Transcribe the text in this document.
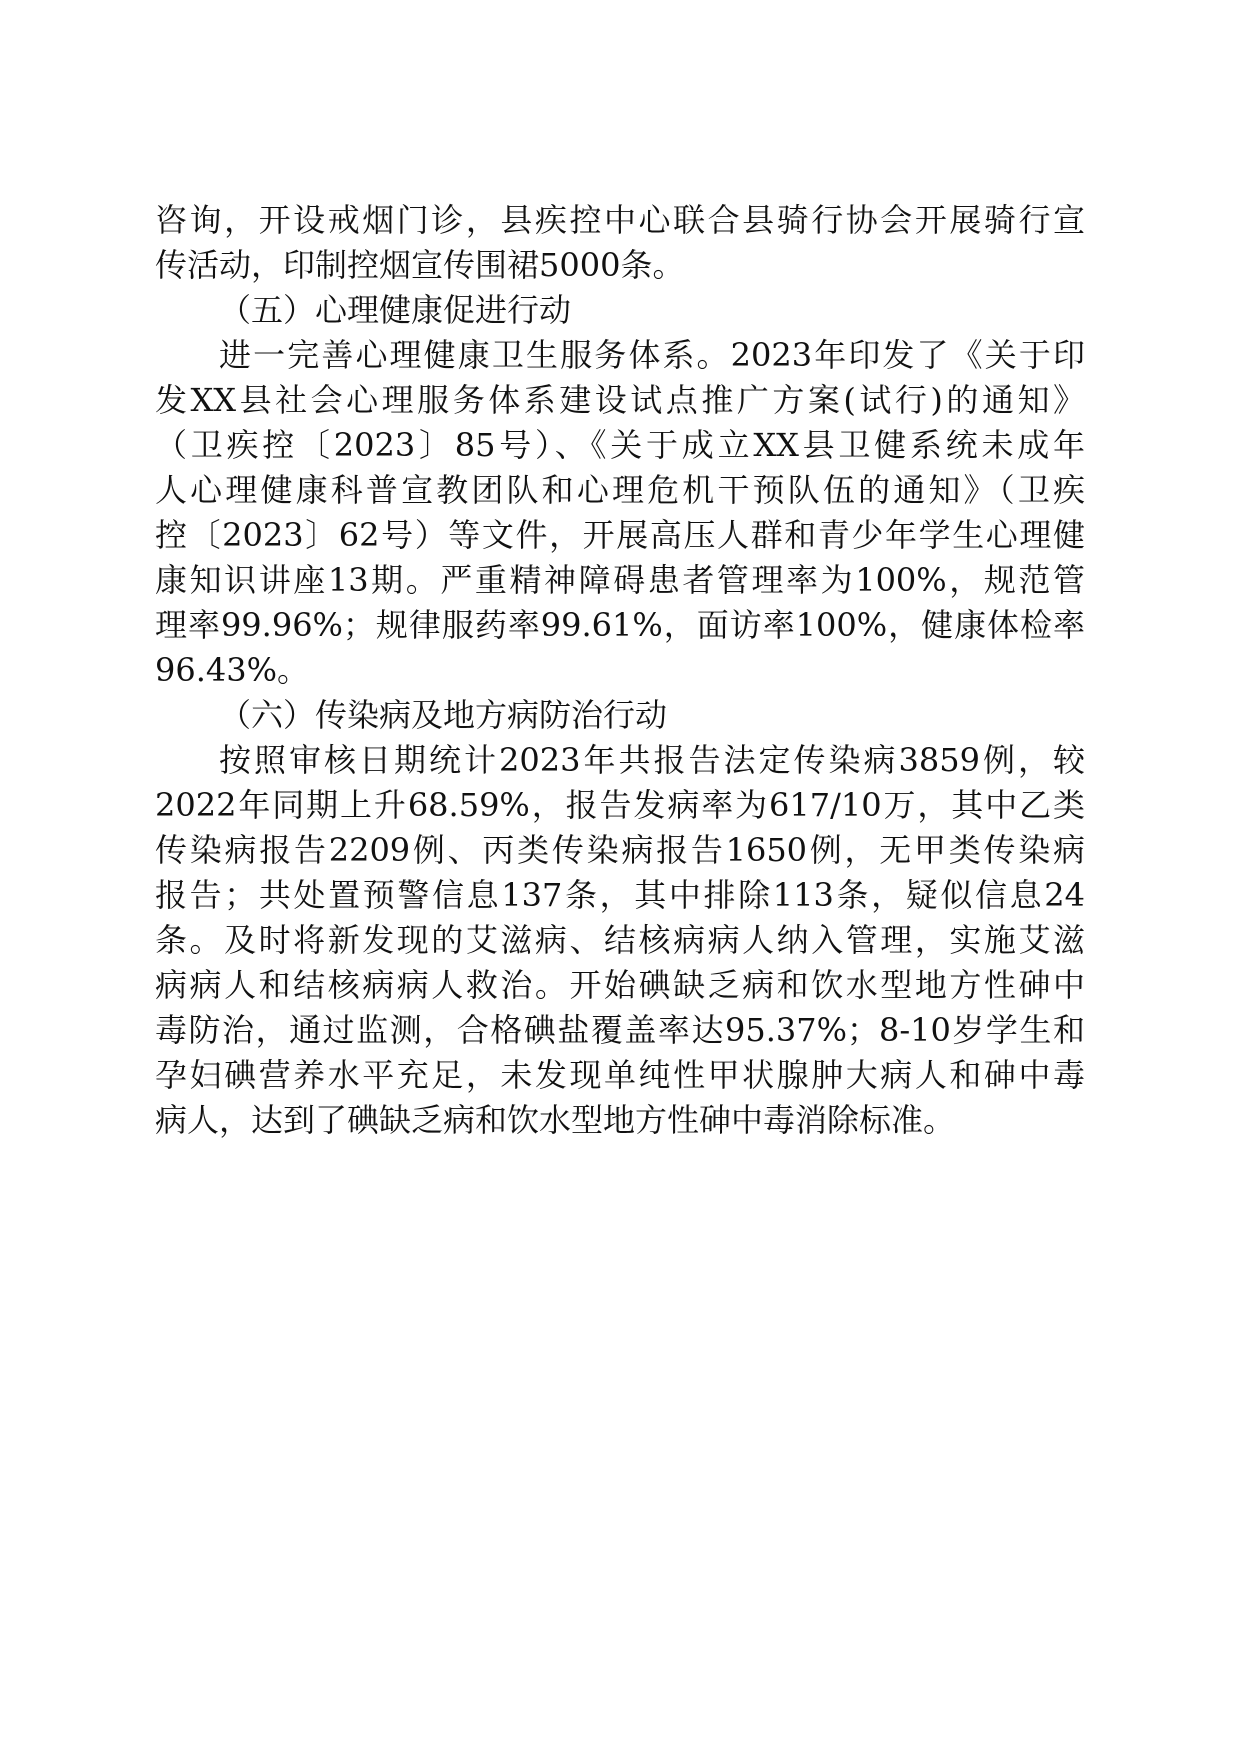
咨询，开设戒烟门诊，县疾控中心联合县骑行协会开展骑行宣
传活动，印制控烟宣传围裙5000条。
（五）心理健康促进行动
进一完善心理健康卫生服务体系。2023年印发了《关于印
发XX县社会心理服务体系建设试点推广方案(试行)的通知》
（卫疾控〔2023〕85号）、《关于成立XX县卫健系统未成年
人心理健康科普宣教团队和心理危机干预队伍的通知》（卫疾
控〔2023〕62号）等文件，开展高压人群和青少年学生心理健
康知识讲座13期。严重精神障碍患者管理率为100%，规范管
理率99.96%；规律服药率99.61%，面访率100%，健康体检率
96.43%。
（六）传染病及地方病防治行动
按照审核日期统计2023年共报告法定传染病3859例，较
2022年同期上升68.59%，报告发病率为617/10万，其中乙类
传染病报告2209例、丙类传染病报告1650例，无甲类传染病
报告；共处置预警信息137条，其中排除113条，疑似信息24
条。及时将新发现的艾滋病、结核病病人纳入管理，实施艾滋
病病人和结核病病人救治。开始碘缺乏病和饮水型地方性砷中
毒防治，通过监测，合格碘盐覆盖率达95.37%；8-10岁学生和
孕妇碘营养水平充足，未发现单纯性甲状腺肿大病人和砷中毒
病人，达到了碘缺乏病和饮水型地方性砷中毒消除标准。
